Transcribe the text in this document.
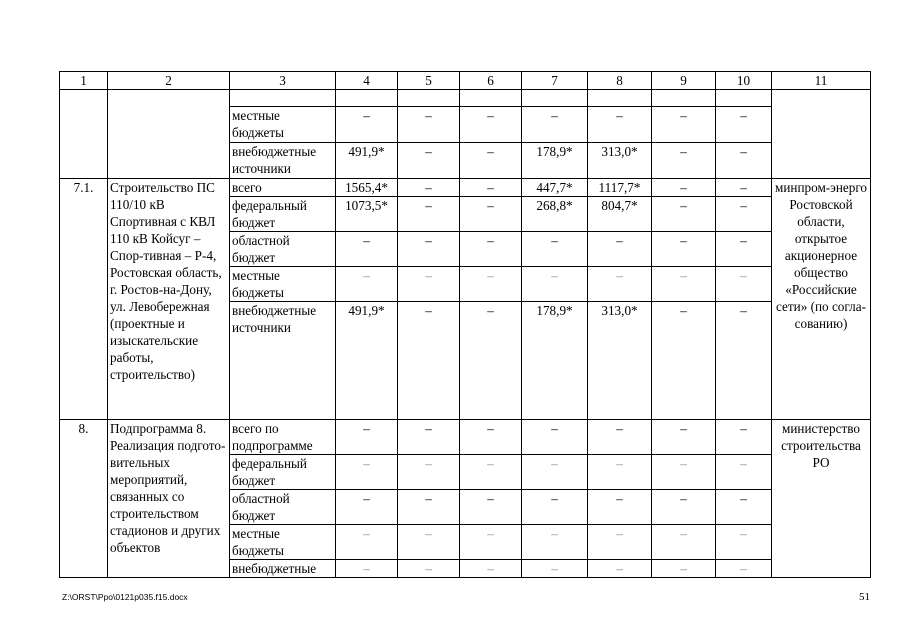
1	2	3	4	5	6	7	8	9	10	11

		местные бюджеты	–	–	–	–	–	–	–	
		внебюджетные источники	491,9*	–	–	178,9*	313,0*	–	–	
7.1.	Строительство ПС 110/10 кВ Спортивная с КВЛ 110 кВ Койсуг – Спор-тивная – Р-4, Ростовская область, г. Ростов-на-Дону, ул. Левобережная (проектные и изыскательские работы, строительство)	всего	1565,4*	–	–	447,7*	1117,7*	–	–	минпром-энерго Ростовской области, открытое акционерное общество «Российские сети» (по согла-сованию)
		федеральный бюджет	1073,5*	–	–	268,8*	804,7*	–	–	
		областной бюджет	–	–	–	–	–	–	–	
		местные бюджеты	–	–	–	–	–	–	–	
		внебюджетные источники	491,9*	–	–	178,9*	313,0*	–	–	
8.	Подпрограмма 8. Реализация подгото-вительных мероприятий, связанных со строительством стадионов и других объектов	всего по подпрограмме	–	–	–	–	–	–	–	министерство строительства РО
		федеральный бюджет	–	–	–	–	–	–	–	
		областной бюджет	–	–	–	–	–	–	–	
		местные бюджеты	–	–	–	–	–	–	–	
		внебюджетные	–	–	–	–	–	–	–	
Z:\ORST\Ppo\0121p035.f15.docx	51
